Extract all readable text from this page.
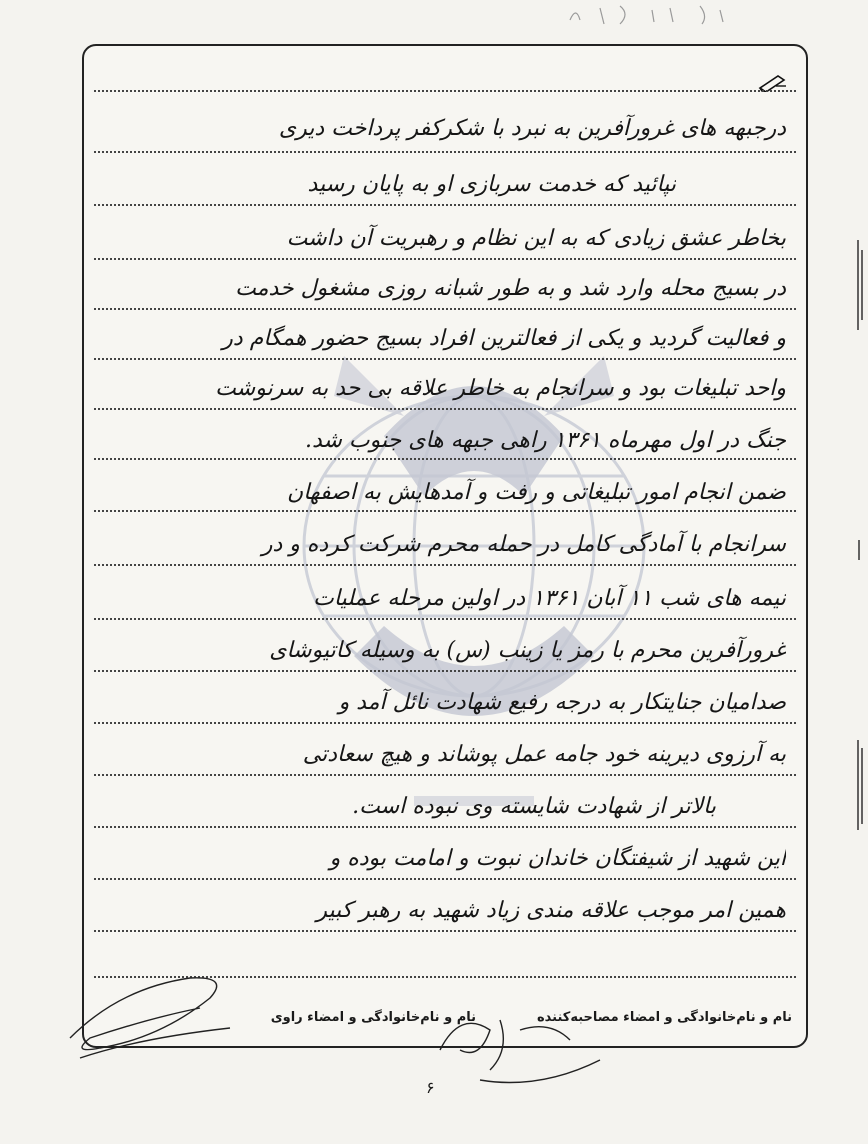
درجبهه های غرورآفرین به نبرد با شکرکفر پرداخت دیری
نپائید که خدمت سربازی او به پایان رسید
بخاطر عشق زیادی که به این نظام و رهبریت آن داشت
در بسیج محله وارد شد و به طور شبانه روزی مشغول خدمت
و فعالیت گردید و یکی از فعالترین افراد بسیج حضور همگام در
واحد تبلیغات بود و سرانجام به خاطر علاقه بی حد به سرنوشت
جنگ در اول مهرماه ۱۳۶۱ راهی جبهه های جنوب شد.
ضمن انجام امور تبلیغاتی و رفت و آمدهایش به اصفهان
سرانجام با آمادگی کامل در حمله محرم شرکت کرده و در
نیمه های شب ۱۱ آبان ۱۳۶۱ در اولین مرحله عملیات
غرورآفرین محرم با رمز یا زینب (س) به وسیله کاتیوشای
صدامیان جنایتکار به درجه رفیع شهادت نائل آمد و
به آرزوی دیرینه خود جامه عمل پوشاند و هیچ سعادتی
بالاتر از شهادت شایسته وی نبوده است.
این شهید از شیفتگان خاندان نبوت و امامت بوده و
همین امر موجب علاقه مندی زیاد شهید به رهبر کبیر
نام و نام‌خانوادگی و امضاء مصاحبه‌کننده
نام و نام‌خانوادگی و امضاء راوی
۶
